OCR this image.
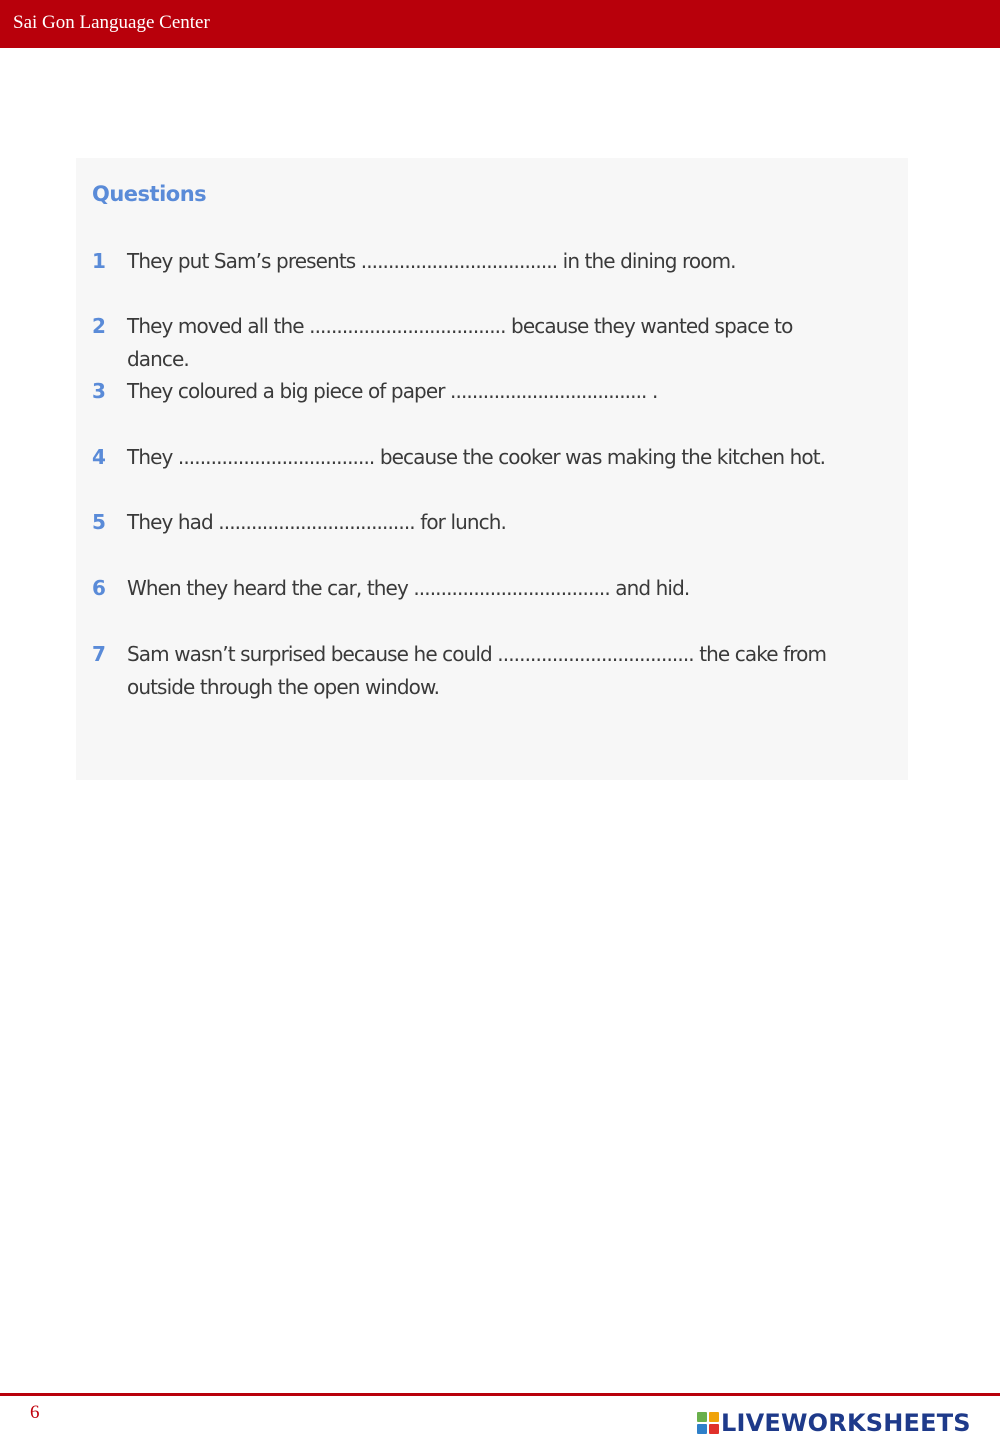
Sai Gon Language Center
Questions
1	They put Sam’s presents .................................... in the dining room.
2	They moved all the .................................... because they wanted space to dance.
3	They coloured a big piece of paper .................................... .
4	They .................................... because the cooker was making the kitchen hot.
5	They had .................................... for lunch.
6	When they heard the car, they .................................... and hid.
7	Sam wasn’t surprised because he could .................................... the cake from outside through the open window.
6	LIVEWORKSHEETS
